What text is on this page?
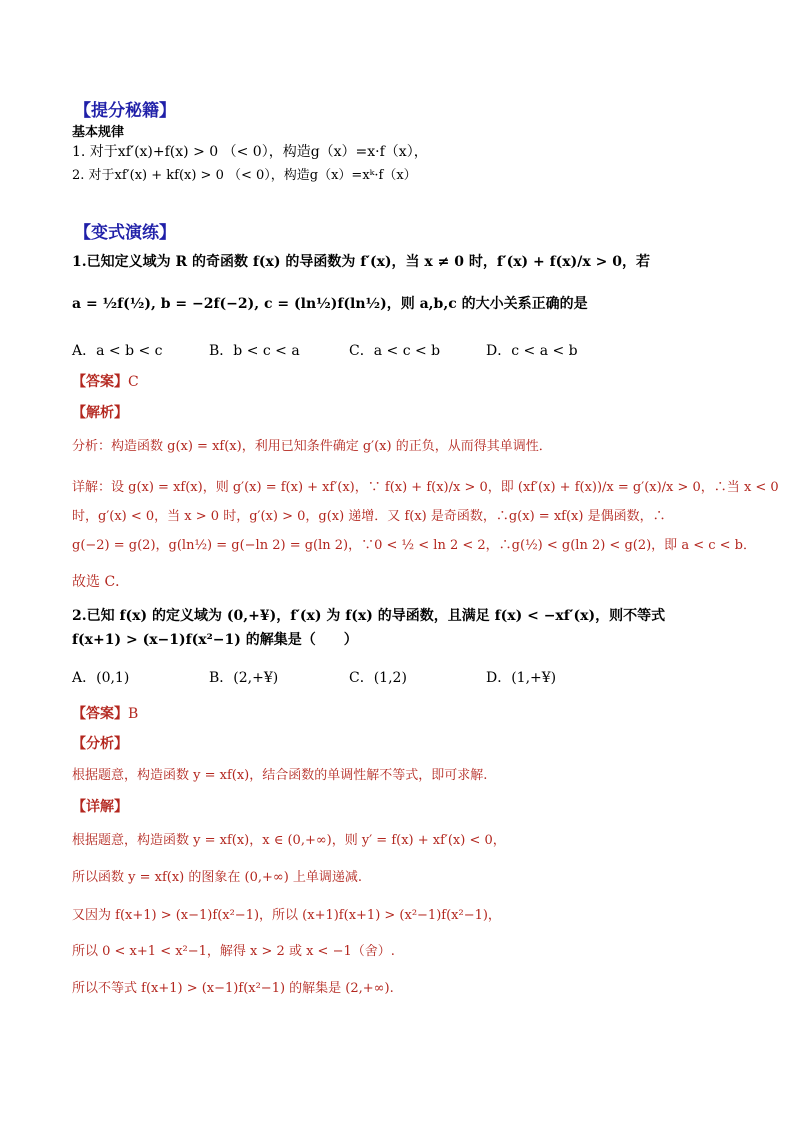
【提分秘籍】
基本规律
1. 对于xf′(x)+f(x) > 0 （< 0），构造g（x）=x·f（x），
2. 对于xf′(x) + kf(x) > 0 （< 0），构造g（x）=xᵏ·f（x）
【变式演练】
1.已知定义域为 R 的奇函数 f(x) 的导函数为 f′(x)，当 x ≠ 0 时，f′(x) + f(x)/x > 0，若
a = ½f(½), b = −2f(−2), c = (ln½)f(ln½)，则 a,b,c 的大小关系正确的是
A．a < b < c	B．b < c < a	C．a < c < b	D．c < a < b
【答案】C
【解析】
分析：构造函数 g(x) = xf(x)，利用已知条件确定 g′(x) 的正负，从而得其单调性．
详解：设 g(x) = xf(x)，则 g′(x) = f(x) + xf′(x)，∵ f(x) + f(x)/x > 0，即 (xf′(x) + f(x))/x = g′(x)/x > 0，∴当 x < 0
时，g′(x) < 0，当 x > 0 时，g′(x) > 0，g(x) 递增．又 f(x) 是奇函数，∴g(x) = xf(x) 是偶函数，∴
g(−2) = g(2)，g(ln½) = g(−ln 2) = g(ln 2)，∵0 < ½ < ln 2 < 2，∴g(½) < g(ln 2) < g(2)，即 a < c < b．
故选 C．
2.已知 f(x) 的定义域为 (0,+¥)，f′(x) 为 f(x) 的导函数，且满足 f(x) < −xf′(x)，则不等式
f(x+1) > (x−1)f(x²−1) 的解集是（　　）
A．(0,1)	B．(2,+¥)	C．(1,2)	D．(1,+¥)
【答案】B
【分析】
根据题意，构造函数 y = xf(x)，结合函数的单调性解不等式，即可求解.
【详解】
根据题意，构造函数 y = xf(x)，x ∈ (0,+∞)，则 y′ = f(x) + xf′(x) < 0，
所以函数 y = xf(x) 的图象在 (0,+∞) 上单调递减.
又因为 f(x+1) > (x−1)f(x²−1)，所以 (x+1)f(x+1) > (x²−1)f(x²−1)，
所以 0 < x+1 < x²−1，解得 x > 2 或 x < −1（舍）.
所以不等式 f(x+1) > (x−1)f(x²−1) 的解集是 (2,+∞).
